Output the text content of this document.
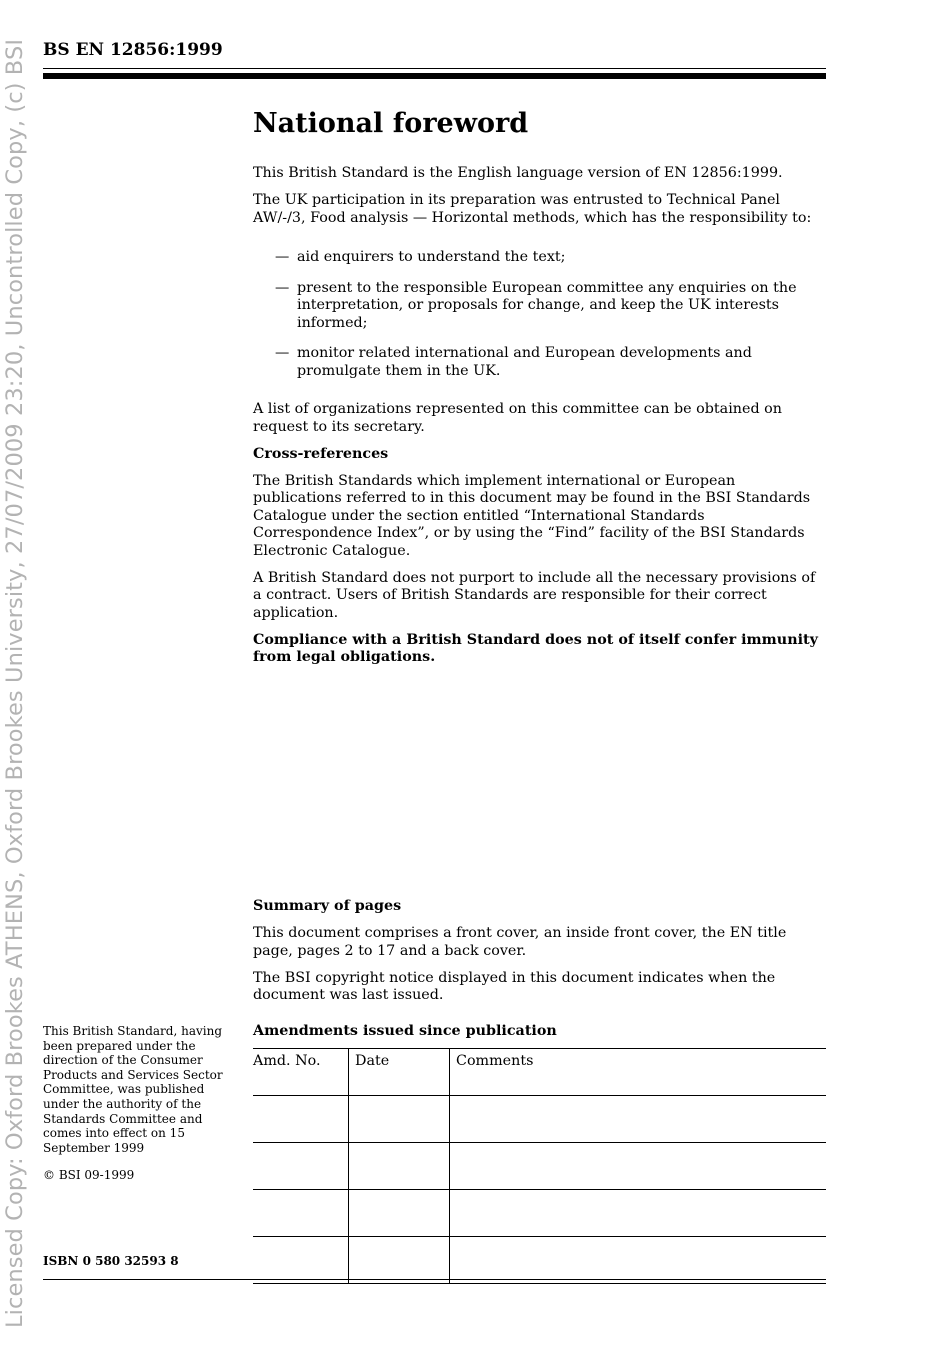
Licensed Copy: Oxford Brookes ATHENS, Oxford Brookes University, 27/07/2009 23:20, Uncontrolled Copy, (c) BSI BS EN 12856:1999
National foreword

This British Standard is the English language version of EN 12856:1999.

The UK participation in its preparation was entrusted to Technical Panel AW/-/3, Food analysis — Horizontal methods, which has the responsibility to:

— aid enquirers to understand the text;
— present to the responsible European committee any enquiries on the interpretation, or proposals for change, and keep the UK interests informed;
— monitor related international and European developments and promulgate them in the UK.

A list of organizations represented on this committee can be obtained on request to its secretary.

Cross-references

The British Standards which implement international or European publications referred to in this document may be found in the BSI Standards Catalogue under the section entitled “International Standards Correspondence Index”, or by using the “Find” facility of the BSI Standards Electronic Catalogue.

A British Standard does not purport to include all the necessary provisions of a contract. Users of British Standards are responsible for their correct application.

Compliance with a British Standard does not of itself confer immunity from legal obligations.

Summary of pages

This document comprises a front cover, an inside front cover, the EN title page, pages 2 to 17 and a back cover.

The BSI copyright notice displayed in this document indicates when the document was last issued.

Amendments issued since publication

Amd. No.	Date	Comments

This British Standard, having been prepared under the direction of the Consumer Products and Services Sector Committee, was published under the authority of the Standards Committee and comes into effect on 15 September 1999
© BSI 09-1999
ISBN 0 580 32593 8
